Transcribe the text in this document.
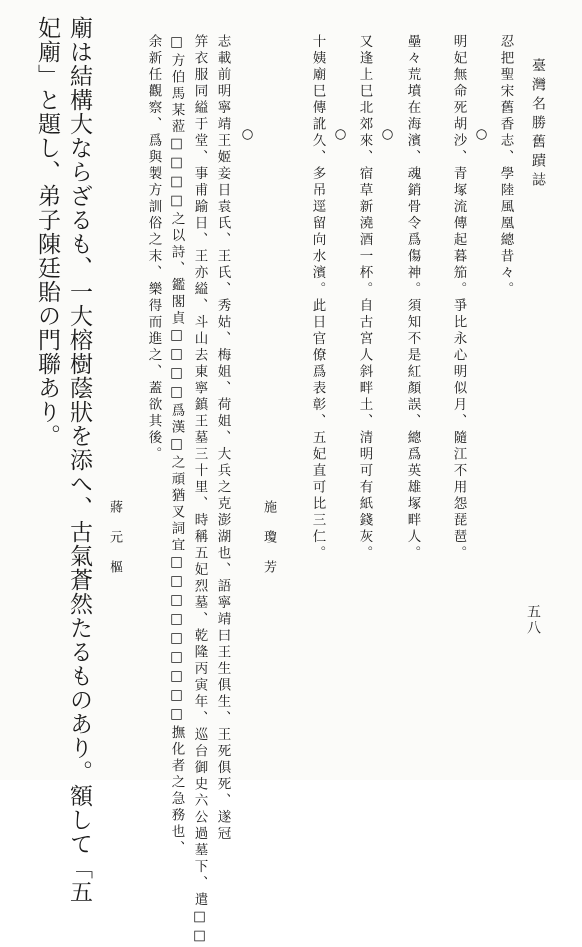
臺灣名勝舊蹟誌
五八
忍把聖宋舊香志、學陸風凰總昔々。
○
明妃無命死胡沙、青塚流傳起暮笳。爭比永心明似月、隨江不用怨琵琶。
壘々荒墳在海濱、魂銷骨令爲傷神。須知不是紅顏誤、總爲英雄塚畔人。
○
又逢上巳北郊來、宿草新澆酒一杯。自古宮人斜畔土、清明可有紙錢灰。
○
十姨廟巳傳訛久、多吊逕留向水濱。此日官僚爲表彰、五妃直可比三仁。
施　瓊　芳
○
志載前明寧靖王姬妾日袁氏、王氏、秀姑、梅姐、荷姐、大兵之克澎湖也、語寧靖曰王生俱生、王死俱死、遂冠
笄衣服同縊于堂、事甫踰日、王亦縊、斗山去東寧鎮王墓三十里、時稱五妃烈墓、乾隆丙寅年、巡台御史六公過墓下、遣□□
□方伯馬某蒞□□□□之以詩、鑑閣貞□□□□爲漢□之頑猶叉詞宜□□□□□□□□□撫化者之急務也、
余新任觀察、爲與製方訓俗之末、樂得而進之、蓋欲其後。
蔣　元　樞
廟は結構大ならざるも、一大榕樹蔭狀を添へ、古氣蒼然たるものあり。額して「五
妃廟」と題し、弟子陳廷貽の門聯あり。
